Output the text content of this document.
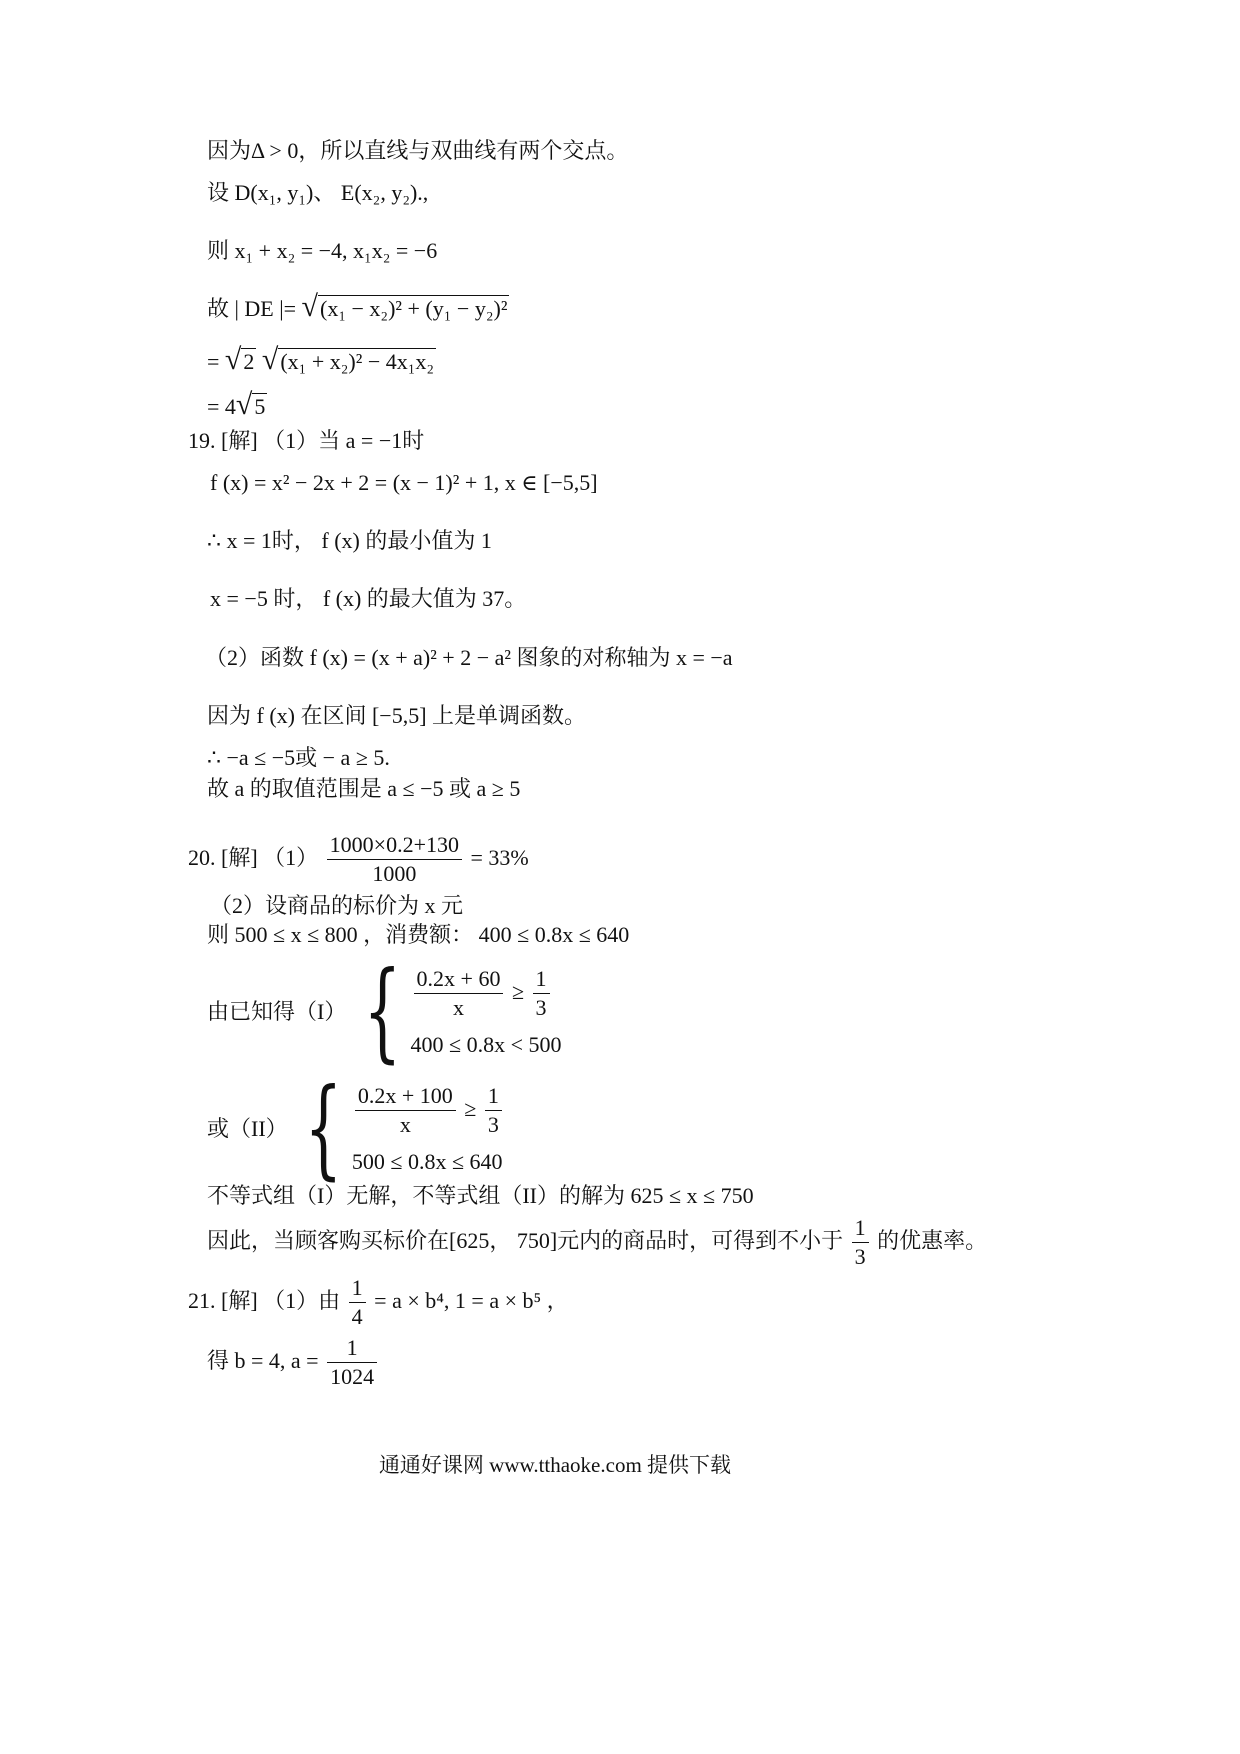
因为Δ > 0，所以直线与双曲线有两个交点。
设 D(x₁, y₁)、 E(x₂, y₂).,
则 x₁ + x₂ = −4, x₁x₂ = −6
故 | DE |= √ (x₁ − x₂)² + (y₁ − y₂)²
= √ 2
√ (x₁ + x₂)² − 4x₁x₂
= 4 √ 5
19. [解] （1）当 a = −1时
f (x) = x² − 2x + 2 = (x − 1)² + 1, x ∈ [−5,5]
∴ x = 1时， f (x) 的最小值为 1
x = −5 时， f (x) 的最大值为 37。
（2）函数 f (x) = (x + a)² + 2 − a² 图象的对称轴为 x = −a
因为 f (x) 在区间 [−5,5] 上是单调函数。
∴ −a ≤ −5或 − a ≥ 5.
故 a 的取值范围是 a ≤ −5 或 a ≥ 5
20. [解] $(1) \frac{1000\times 0.2+130}{1000} = 33\%$
（2）设商品的标价为 x 元
则 500 ≤ x ≤ 800 ，消费额： 400 ≤ 0.8x ≤ 640
由已知得（I） { $\frac{0.2x + 60}{x} \ge \frac{1}{3}$
400 ≤ 0.8x < 500
或（II） { $\frac{0.2x + 100}{x} \ge \frac{1}{3}$
500 ≤ 0.8x ≤ 640
不等式组（I）无解，不等式组（II）的解为 625 ≤ x ≤ 750
因此，当顾客购买标价在[625， 750]元内的商品时，可得到不小于 $\frac{1}{3}$ 的优惠率。
21. [解] （1）由 $\frac{1}{4} = a \times b^4$, 1 = a × b⁵ ，
得 b = 4, $a = \frac{1}{1024}$
通通好课网 www.tthaoke.com 提供下载
